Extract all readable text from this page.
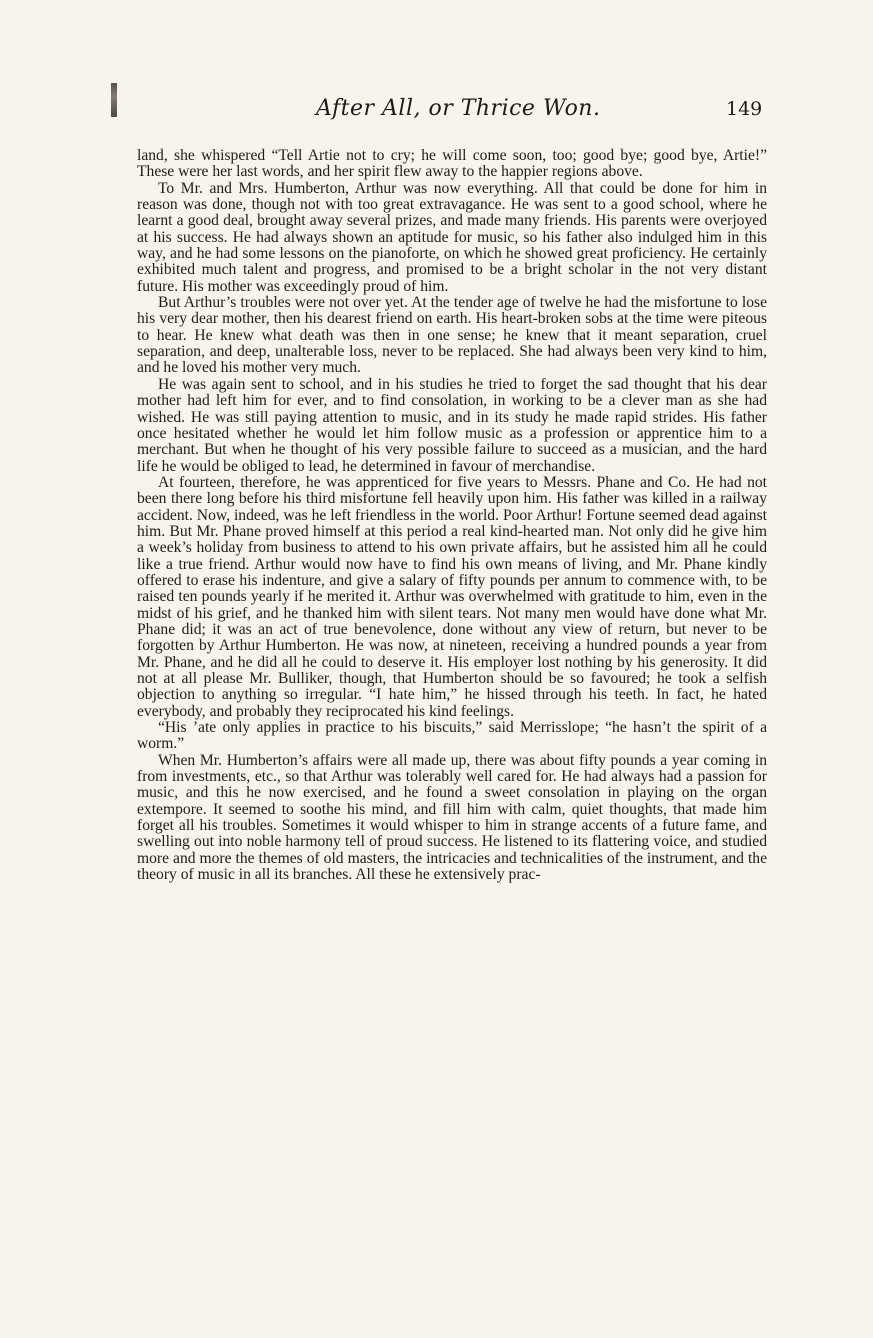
After All, or Thrice Won.	149

land, she whispered “Tell Artie not to cry; he will come soon, too; good bye; good bye, Artie!” These were her last words, and her spirit flew away to the happier regions above.

To Mr. and Mrs. Humberton, Arthur was now everything. All that could be done for him in reason was done, though not with too great extravagance. He was sent to a good school, where he learnt a good deal, brought away several prizes, and made many friends. His parents were overjoyed at his success. He had always shown an aptitude for music, so his father also indulged him in this way, and he had some lessons on the pianoforte, on which he showed great proficiency. He certainly exhibited much talent and progress, and promised to be a bright scholar in the not very distant future. His mother was exceedingly proud of him.

But Arthur’s troubles were not over yet. At the tender age of twelve he had the misfortune to lose his very dear mother, then his dearest friend on earth. His heart-broken sobs at the time were piteous to hear. He knew what death was then in one sense; he knew that it meant separation, cruel separation, and deep, unalterable loss, never to be replaced. She had always been very kind to him, and he loved his mother very much.

He was again sent to school, and in his studies he tried to forget the sad thought that his dear mother had left him for ever, and to find consolation, in working to be a clever man as she had wished. He was still paying attention to music, and in its study he made rapid strides. His father once hesitated whether he would let him follow music as a profession or apprentice him to a merchant. But when he thought of his very possible failure to succeed as a musician, and the hard life he would be obliged to lead, he determined in favour of merchandise.

At fourteen, therefore, he was apprenticed for five years to Messrs. Phane and Co. He had not been there long before his third misfortune fell heavily upon him. His father was killed in a railway accident. Now, indeed, was he left friendless in the world. Poor Arthur! Fortune seemed dead against him. But Mr. Phane proved himself at this period a real kind-hearted man. Not only did he give him a week’s holiday from business to attend to his own private affairs, but he assisted him all he could like a true friend. Arthur would now have to find his own means of living, and Mr. Phane kindly offered to erase his indenture, and give a salary of fifty pounds per annum to commence with, to be raised ten pounds yearly if he merited it. Arthur was overwhelmed with gratitude to him, even in the midst of his grief, and he thanked him with silent tears. Not many men would have done what Mr. Phane did; it was an act of true benevolence, done without any view of return, but never to be forgotten by Arthur Humberton. He was now, at nineteen, receiving a hundred pounds a year from Mr. Phane, and he did all he could to deserve it. His employer lost nothing by his generosity. It did not at all please Mr. Bulliker, though, that Humberton should be so favoured; he took a selfish objection to anything so irregular. “I hate him,” he hissed through his teeth. In fact, he hated everybody, and probably they reciprocated his kind feelings.

“His ’ate only applies in practice to his biscuits,” said Merrisslope; “he hasn’t the spirit of a worm.”

When Mr. Humberton’s affairs were all made up, there was about fifty pounds a year coming in from investments, etc., so that Arthur was tolerably well cared for. He had always had a passion for music, and this he now exercised, and he found a sweet consolation in playing on the organ extempore. It seemed to soothe his mind, and fill him with calm, quiet thoughts, that made him forget all his troubles. Sometimes it would whisper to him in strange accents of a future fame, and swelling out into noble harmony tell of proud success. He listened to its flattering voice, and studied more and more the themes of old masters, the intricacies and technicalities of the instrument, and the theory of music in all its branches. All these he extensively prac-
